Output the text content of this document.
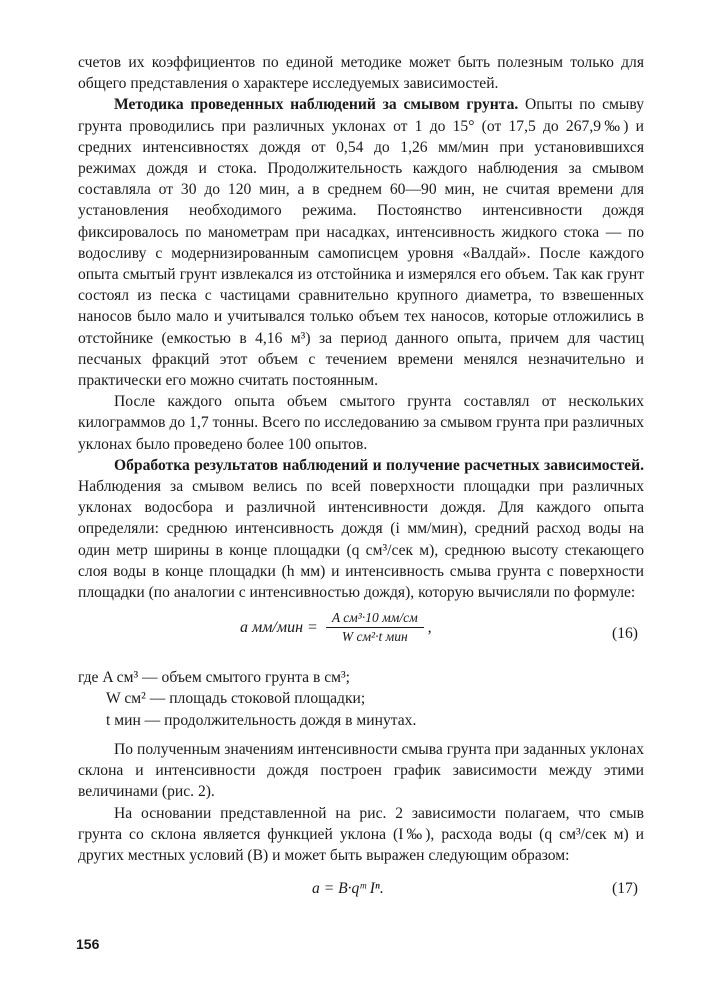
счетов их коэффициентов по единой методике может быть полезным только для общего представления о характере исследуемых зависимостей.

Методика проведенных наблюдений за смывом грунта. Опыты по смыву грунта проводились при различных уклонах от 1 до 15° (от 17,5 до 267,9‰) и средних интенсивностях дождя от 0,54 до 1,26 мм/мин при установившихся режимах дождя и стока. Продолжительность каждого наблюдения за смывом составляла от 30 до 120 мин, а в среднем 60—90 мин, не считая времени для установления необходимого режима. Постоянство интенсивности дождя фиксировалось по манометрам при насадках, интенсивность жидкого стока — по водосливу с модернизированным самописцем уровня «Валдай». После каждого опыта смытый грунт извлекался из отстойника и измерялся его объем. Так как грунт состоял из песка с частицами сравнительно крупного диаметра, то взвешенных наносов было мало и учитывался только объем тех наносов, которые отложились в отстойнике (емкостью в 4,16 м³) за период данного опыта, причем для частиц песчаных фракций этот объем с течением времени менялся незначительно и практически его можно считать постоянным.

После каждого опыта объем смытого грунта составлял от нескольких килограммов до 1,7 тонны. Всего по исследованию за смывом грунта при различных уклонах было проведено более 100 опытов.

Обработка результатов наблюдений и получение расчетных зависимостей. Наблюдения за смывом велись по всей поверхности площадки при различных уклонах водосбора и различной интенсивности дождя. Для каждого опыта определяли: среднюю интенсивность дождя (i мм/мин), средний расход воды на один метр ширины в конце площадки (q см³/сек м), среднюю высоту стекающего слоя воды в конце площадки (h мм) и интенсивность смыва грунта с поверхности площадки (по аналогии с интенсивностью дождя), которую вычисляли по формуле:

a $мм/мин = \frac{\text{A см³·10 мм/см}}{\text{W см²·t мин}}$ ,	(16)
где A см³ — объем смытого грунта в см³;
W см² — площадь стоковой площадки;
t мин — продолжительность дождя в минутах.

По полученным значениям интенсивности смыва грунта при заданных уклонах склона и интенсивности дождя построен график зависимости между этими величинами (рис. 2).

На основании представленной на рис. 2 зависимости полагаем, что смыв грунта со склона является функцией уклона (I‰), расхода воды (q см³/сек м) и других местных условий (B) и может быть выражен следующим образом:

a = B·qᵐ Iⁿ.	(17)
156
